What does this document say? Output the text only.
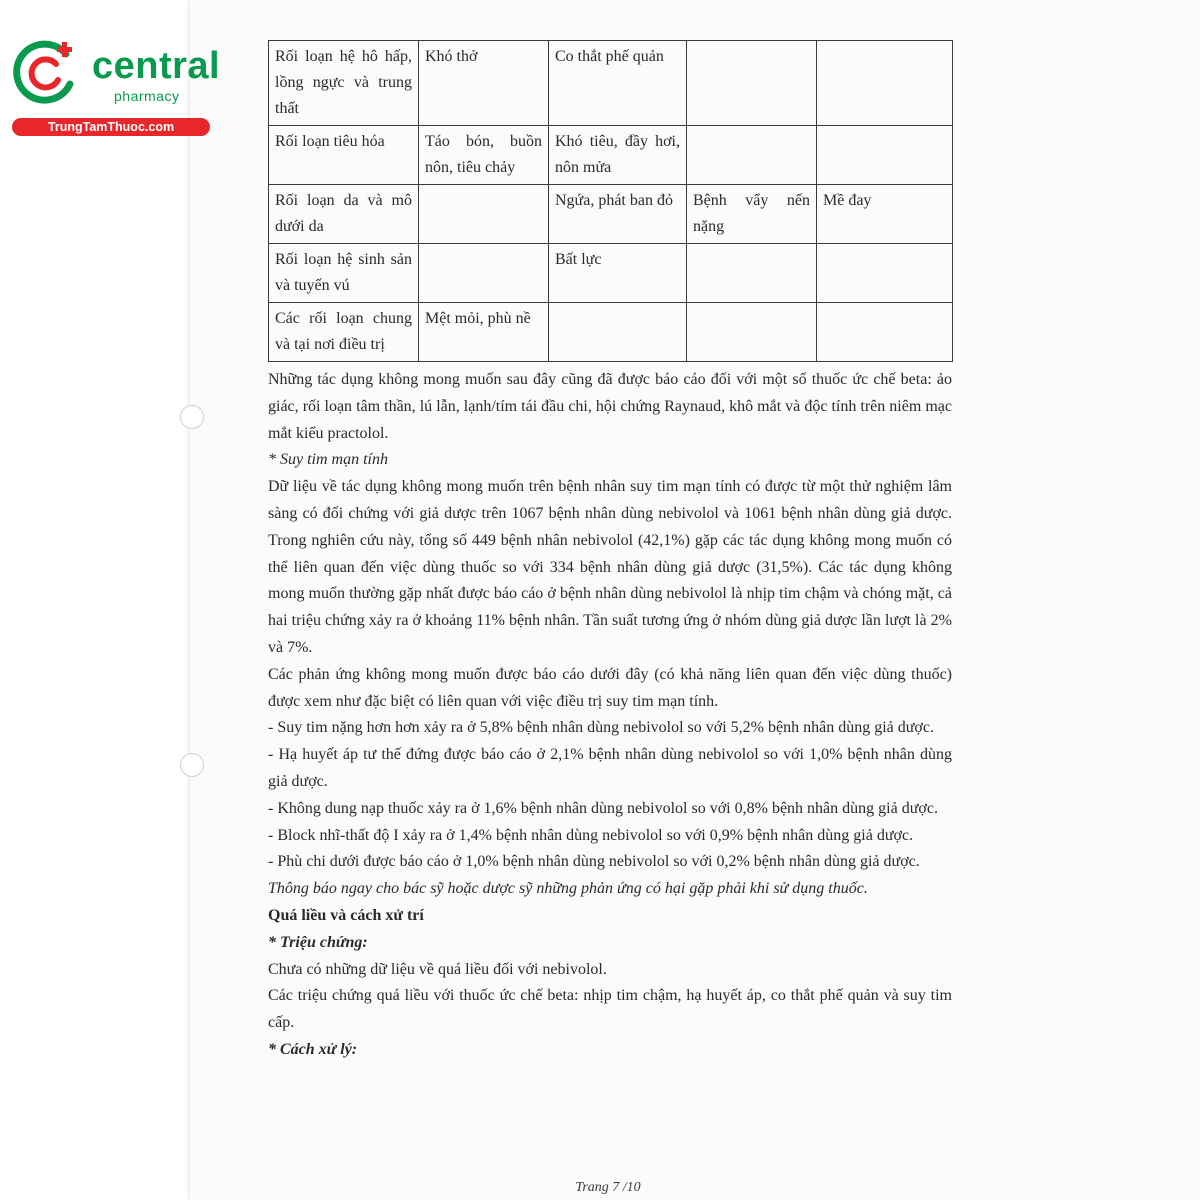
central
pharmacy
TrungTamThuoc.com
Rối loạn hệ hô hấp, lồng ngực và trung thất	Khó thở	Co thắt phế quản		
Rối loạn tiêu hóa	Táo bón, buồn nôn, tiêu chảy	Khó tiêu, đầy hơi, nôn mửa		
Rối loạn da và mô dưới da		Ngứa, phát ban đỏ	Bệnh vẩy nến nặng	Mề đay
Rối loạn hệ sinh sản và tuyến vú		Bất lực		
Các rối loạn chung và tại nơi điều trị	Mệt mỏi, phù nề			

Những tác dụng không mong muốn sau đây cũng đã được báo cáo đối với một số thuốc ức chế beta: ảo giác, rối loạn tâm thần, lú lẫn, lạnh/tím tái đầu chi, hội chứng Raynaud, khô mắt và độc tính trên niêm mạc mắt kiểu practolol.

* Suy tim mạn tính

Dữ liệu về tác dụng không mong muốn trên bệnh nhân suy tim mạn tính có được từ một thử nghiệm lâm sàng có đối chứng với giả dược trên 1067 bệnh nhân dùng nebivolol và 1061 bệnh nhân dùng giả dược. Trong nghiên cứu này, tổng số 449 bệnh nhân nebivolol (42,1%) gặp các tác dụng không mong muốn có thể liên quan đến việc dùng thuốc so với 334 bệnh nhân dùng giả dược (31,5%). Các tác dụng không mong muốn thường gặp nhất được báo cáo ở bệnh nhân dùng nebivolol là nhịp tim chậm và chóng mặt, cả hai triệu chứng xảy ra ở khoảng 11% bệnh nhân. Tần suất tương ứng ở nhóm dùng giả dược lần lượt là 2% và 7%.

Các phản ứng không mong muốn được báo cáo dưới đây (có khả năng liên quan đến việc dùng thuốc) được xem như đặc biệt có liên quan với việc điều trị suy tim mạn tính.

- Suy tim nặng hơn hơn xảy ra ở 5,8% bệnh nhân dùng nebivolol so với 5,2% bệnh nhân dùng giả dược.

- Hạ huyết áp tư thế đứng được báo cáo ở 2,1% bệnh nhân dùng nebivolol so với 1,0% bệnh nhân dùng giả dược.

- Không dung nạp thuốc xảy ra ở 1,6% bệnh nhân dùng nebivolol so với 0,8% bệnh nhân dùng giả dược.

- Block nhĩ-thất độ I xảy ra ở 1,4% bệnh nhân dùng nebivolol so với 0,9% bệnh nhân dùng giả dược.

- Phù chi dưới được báo cáo ở 1,0% bệnh nhân dùng nebivolol so với 0,2% bệnh nhân dùng giả dược.

Thông báo ngay cho bác sỹ hoặc dược sỹ những phản ứng có hại gặp phải khi sử dụng thuốc.

Quá liều và cách xử trí

* Triệu chứng:

Chưa có những dữ liệu về quá liều đối với nebivolol.

Các triệu chứng quá liều với thuốc ức chế beta: nhịp tim chậm, hạ huyết áp, co thắt phế quản và suy tim cấp.

* Cách xử lý:

Trang 7 /10
